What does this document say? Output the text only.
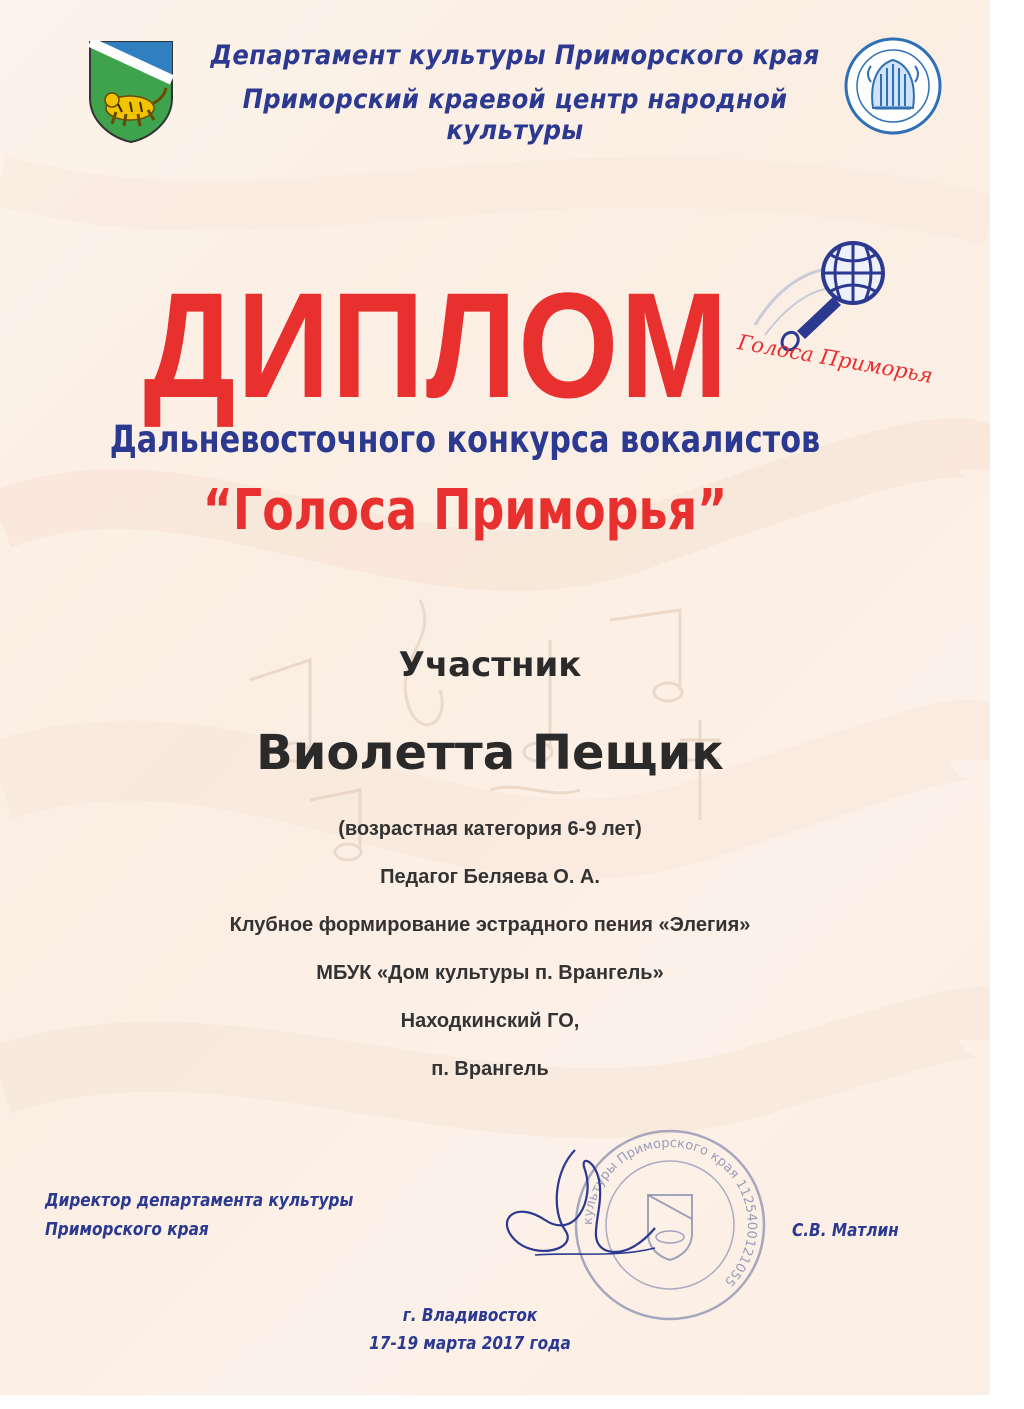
Департамент культуры Приморского края
Приморский краевой центр народной культуры
Голоса Приморья
ДИПЛОМ
Дальневосточного конкурса вокалистов
“Голоса Приморья”
Участник
Виолетта Пещик
(возрастная категория 6-9 лет)
Педагог Беляева О. А.
Клубное формирование эстрадного пения «Элегия»
МБУК «Дом культуры п. Врангель»
Находкинский ГО,
п. Врангель
культуры Приморского края 1125400121055
Директор департамента культуры
Приморского края	С.В. Матлин
г. Владивосток
17-19 марта 2017 года
